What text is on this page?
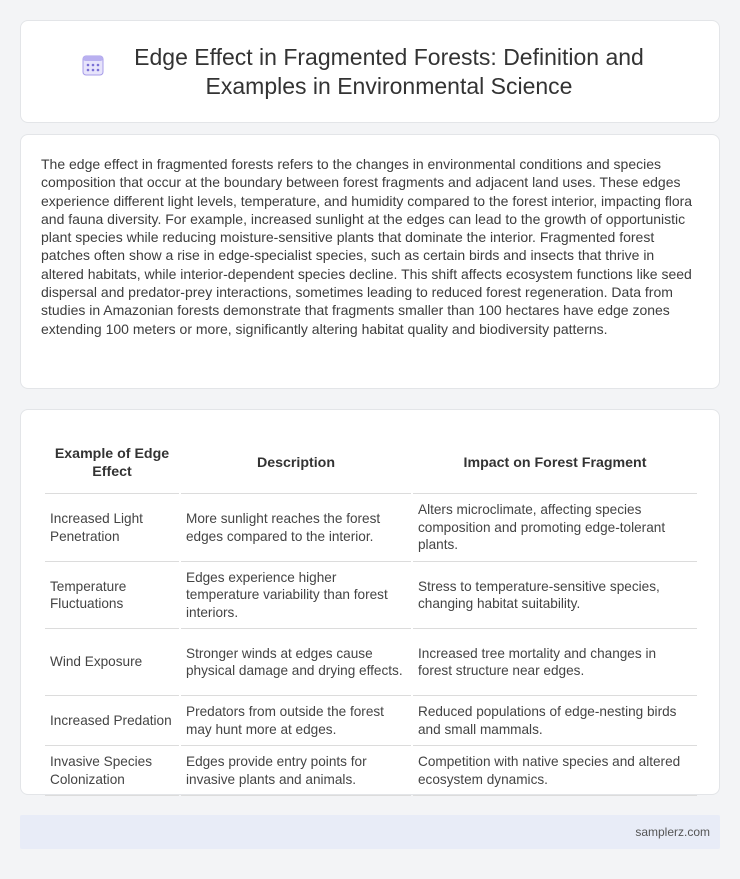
Edge Effect in Fragmented Forests: Definition and Examples in Environmental Science

The edge effect in fragmented forests refers to the changes in environmental conditions and species composition that occur at the boundary between forest fragments and adjacent land uses. These edges experience different light levels, temperature, and humidity compared to the forest interior, impacting flora and fauna diversity. For example, increased sunlight at the edges can lead to the growth of opportunistic plant species while reducing moisture-sensitive plants that dominate the interior. Fragmented forest patches often show a rise in edge-specialist species, such as certain birds and insects that thrive in altered habitats, while interior-dependent species decline. This shift affects ecosystem functions like seed dispersal and predator-prey interactions, sometimes leading to reduced forest regeneration. Data from studies in Amazonian forests demonstrate that fragments smaller than 100 hectares have edge zones extending 100 meters or more, significantly altering habitat quality and biodiversity patterns.

Example of Edge Effect	Description	Impact on Forest Fragment
Increased Light Penetration	More sunlight reaches the forest edges compared to the interior.	Alters microclimate, affecting species composition and promoting edge-tolerant plants.
Temperature Fluctuations	Edges experience higher temperature variability than forest interiors.	Stress to temperature-sensitive species, changing habitat suitability.
Wind Exposure	Stronger winds at edges cause physical damage and drying effects.	Increased tree mortality and changes in forest structure near edges.
Increased Predation	Predators from outside the forest may hunt more at edges.	Reduced populations of edge-nesting birds and small mammals.
Invasive Species Colonization	Edges provide entry points for invasive plants and animals.	Competition with native species and altered ecosystem dynamics.
samplerz.com
